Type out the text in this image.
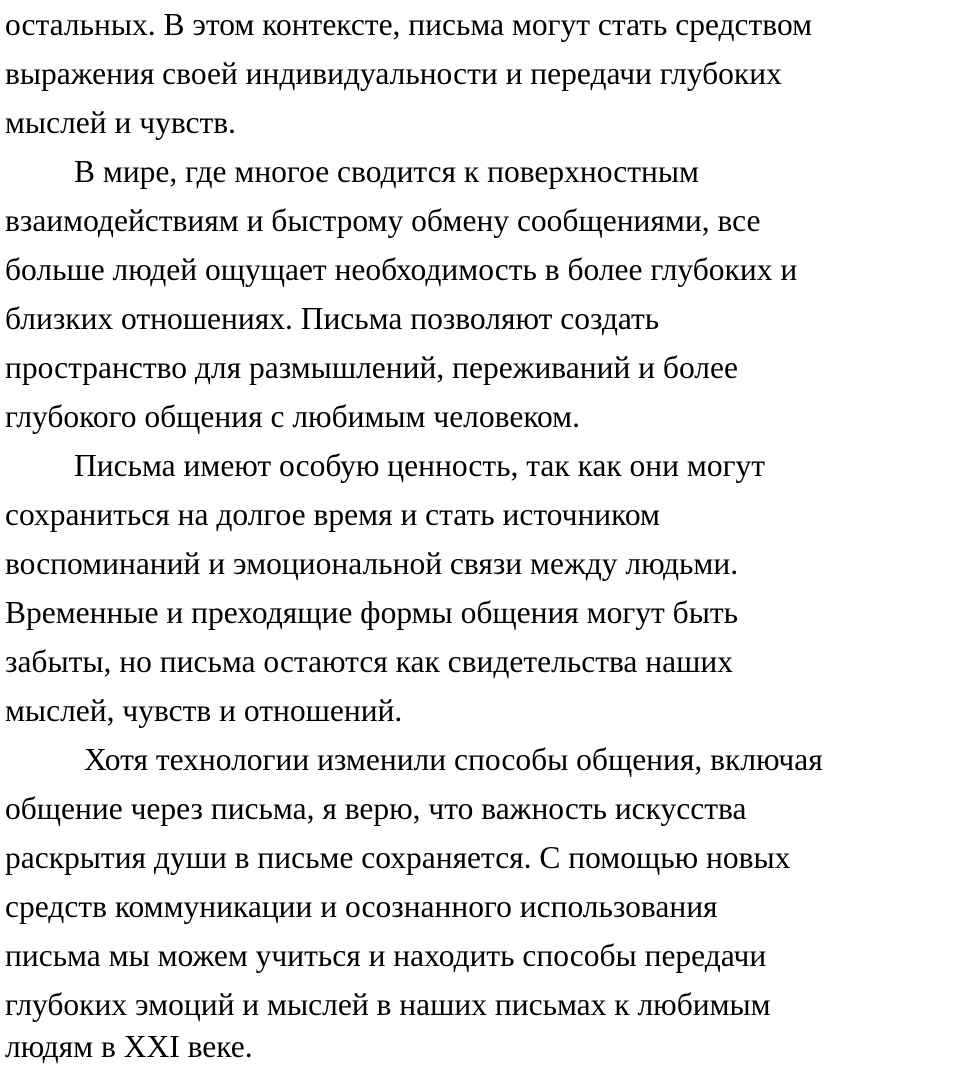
остальных. В этом контексте, письма могут стать средством
выражения своей индивидуальности и передачи глубоких
мыслей и чувств.
В мире, где многое сводится к поверхностным
взаимодействиям и быстрому обмену сообщениями, все
больше людей ощущает необходимость в более глубоких и
близких отношениях. Письма позволяют создать
пространство для размышлений, переживаний и более
глубокого общения с любимым человеком.
Письма имеют особую ценность, так как они могут
сохраниться на долгое время и стать источником
воспоминаний и эмоциональной связи между людьми.
Временные и преходящие формы общения могут быть
забыты, но письма остаются как свидетельства наших
мыслей, чувств и отношений.
Хотя технологии изменили способы общения, включая
общение через письма, я верю, что важность искусства
раскрытия души в письме сохраняется. С помощью новых
средств коммуникации и осознанного использования
письма мы можем учиться и находить способы передачи
глубоких эмоций и мыслей в наших письмах к любимым
людям в XXI веке.
